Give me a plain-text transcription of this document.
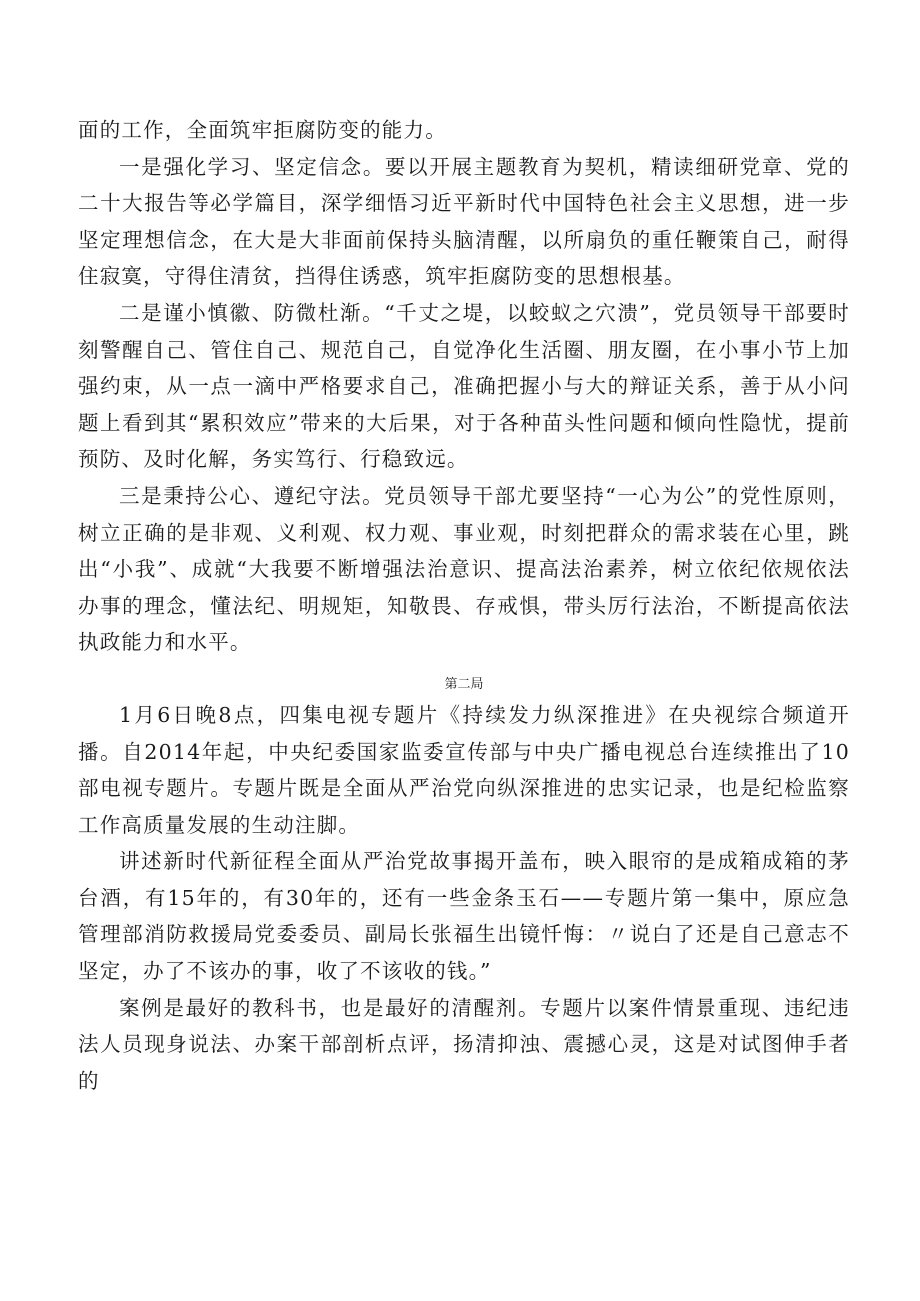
面的工作，全面筑牢拒腐防变的能力。

一是强化学习、坚定信念。要以开展主题教育为契机，精读细研党章、党的二十大报告等必学篇目，深学细悟习近平新时代中国特色社会主义思想，进一步坚定理想信念，在大是大非面前保持头脑清醒，以所扇负的重任鞭策自己，耐得住寂寞，守得住清贫，挡得住诱惑，筑牢拒腐防变的思想根基。

二是谨小慎徽、防微杜渐。“千丈之堤，以蛟蚁之穴溃”，党员领导干部要时刻警醒自己、管住自己、规范自己，自觉净化生活圈、朋友圈，在小事小节上加强约束，从一点一滴中严格要求自己，准确把握小与大的辩证关系，善于从小问题上看到其“累积效应”带来的大后果，对于各种苗头性问题和倾向性隐忧，提前预防、及时化解，务实笃行、行稳致远。

三是秉持公心、遵纪守法。党员领导干部尤要坚持“一心为公”的党性原则，树立正确的是非观、义利观、权力观、事业观，时刻把群众的需求装在心里，跳出“小我”、成就“大我要不断增强法治意识、提高法治素养，树立依纪依规依法办事的理念，懂法纪、明规矩，知敬畏、存戒惧，带头厉行法治，不断提高依法执政能力和水平。

第二局

1月6日晚8点，四集电视专题片《持续发力纵深推进》在央视综合频道开播。自2014年起，中央纪委国家监委宣传部与中央广播电视总台连续推出了10部电视专题片。专题片既是全面从严治党向纵深推进的忠实记录，也是纪检监察工作高质量发展的生动注脚。

讲述新时代新征程全面从严治党故事揭开盖布，映入眼帘的是成箱成箱的茅台酒，有15年的，有30年的，还有一些金条玉石——专题片第一集中，原应急管理部消防救援局党委委员、副局长张福生出镜忏悔：〃说白了还是自己意志不坚定，办了不该办的事，收了不该收的钱。”

案例是最好的教科书，也是最好的清醒剂。专题片以案件情景重现、违纪违法人员现身说法、办案干部剖析点评，扬清抑浊、震撼心灵，这是对试图伸手者的
